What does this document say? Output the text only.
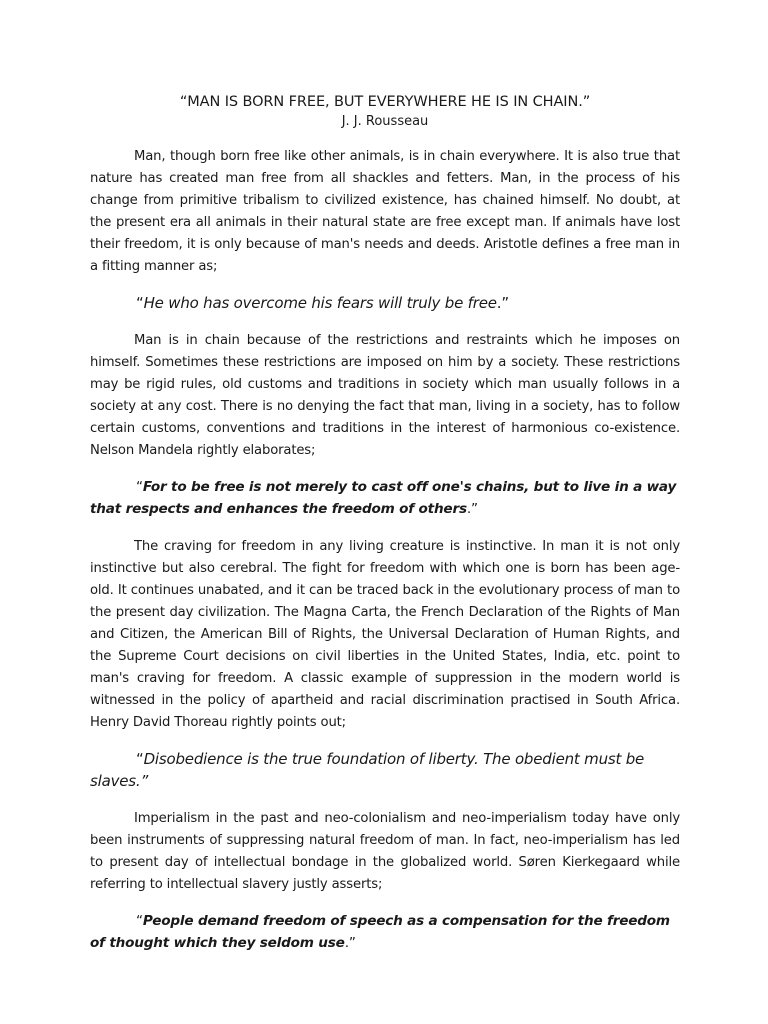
“MAN IS BORN FREE, BUT EVERYWHERE HE IS IN CHAIN.”

J. J. Rousseau

Man, though born free like other animals, is in chain everywhere. It is also true that nature has created man free from all shackles and fetters. Man, in the process of his change from primitive tribalism to civilized existence, has chained himself. No doubt, at the present era all animals in their natural state are free except man. If animals have lost their freedom, it is only because of man's needs and deeds. Aristotle defines a free man in a fitting manner as;

“He who has overcome his fears will truly be free.”

Man is in chain because of the restrictions and restraints which he imposes on himself. Sometimes these restrictions are imposed on him by a society. These restrictions may be rigid rules, old customs and traditions in society which man usually follows in a society at any cost. There is no denying the fact that man, living in a society, has to follow certain customs, conventions and traditions in the interest of harmonious co-existence. Nelson Mandela rightly elaborates;

“For to be free is not merely to cast off one's chains, but to live in a way that respects and enhances the freedom of others.”

The craving for freedom in any living creature is instinctive. In man it is not only instinctive but also cerebral. The fight for freedom with which one is born has been age-old. It continues unabated, and it can be traced back in the evolutionary process of man to the present day civilization. The Magna Carta, the French Declaration of the Rights of Man and Citizen, the American Bill of Rights, the Universal Declaration of Human Rights, and the Supreme Court decisions on civil liberties in the United States, India, etc. point to man's craving for freedom. A classic example of suppression in the modern world is witnessed in the policy of apartheid and racial discrimination practised in South Africa. Henry David Thoreau rightly points out;

“Disobedience is the true foundation of liberty. The obedient must be slaves.”

Imperialism in the past and neo-colonialism and neo-imperialism today have only been instruments of suppressing natural freedom of man. In fact, neo-imperialism has led to present day of intellectual bondage in the globalized world. Søren Kierkegaard while referring to intellectual slavery justly asserts;

“People demand freedom of speech as a compensation for the freedom of thought which they seldom use.”
